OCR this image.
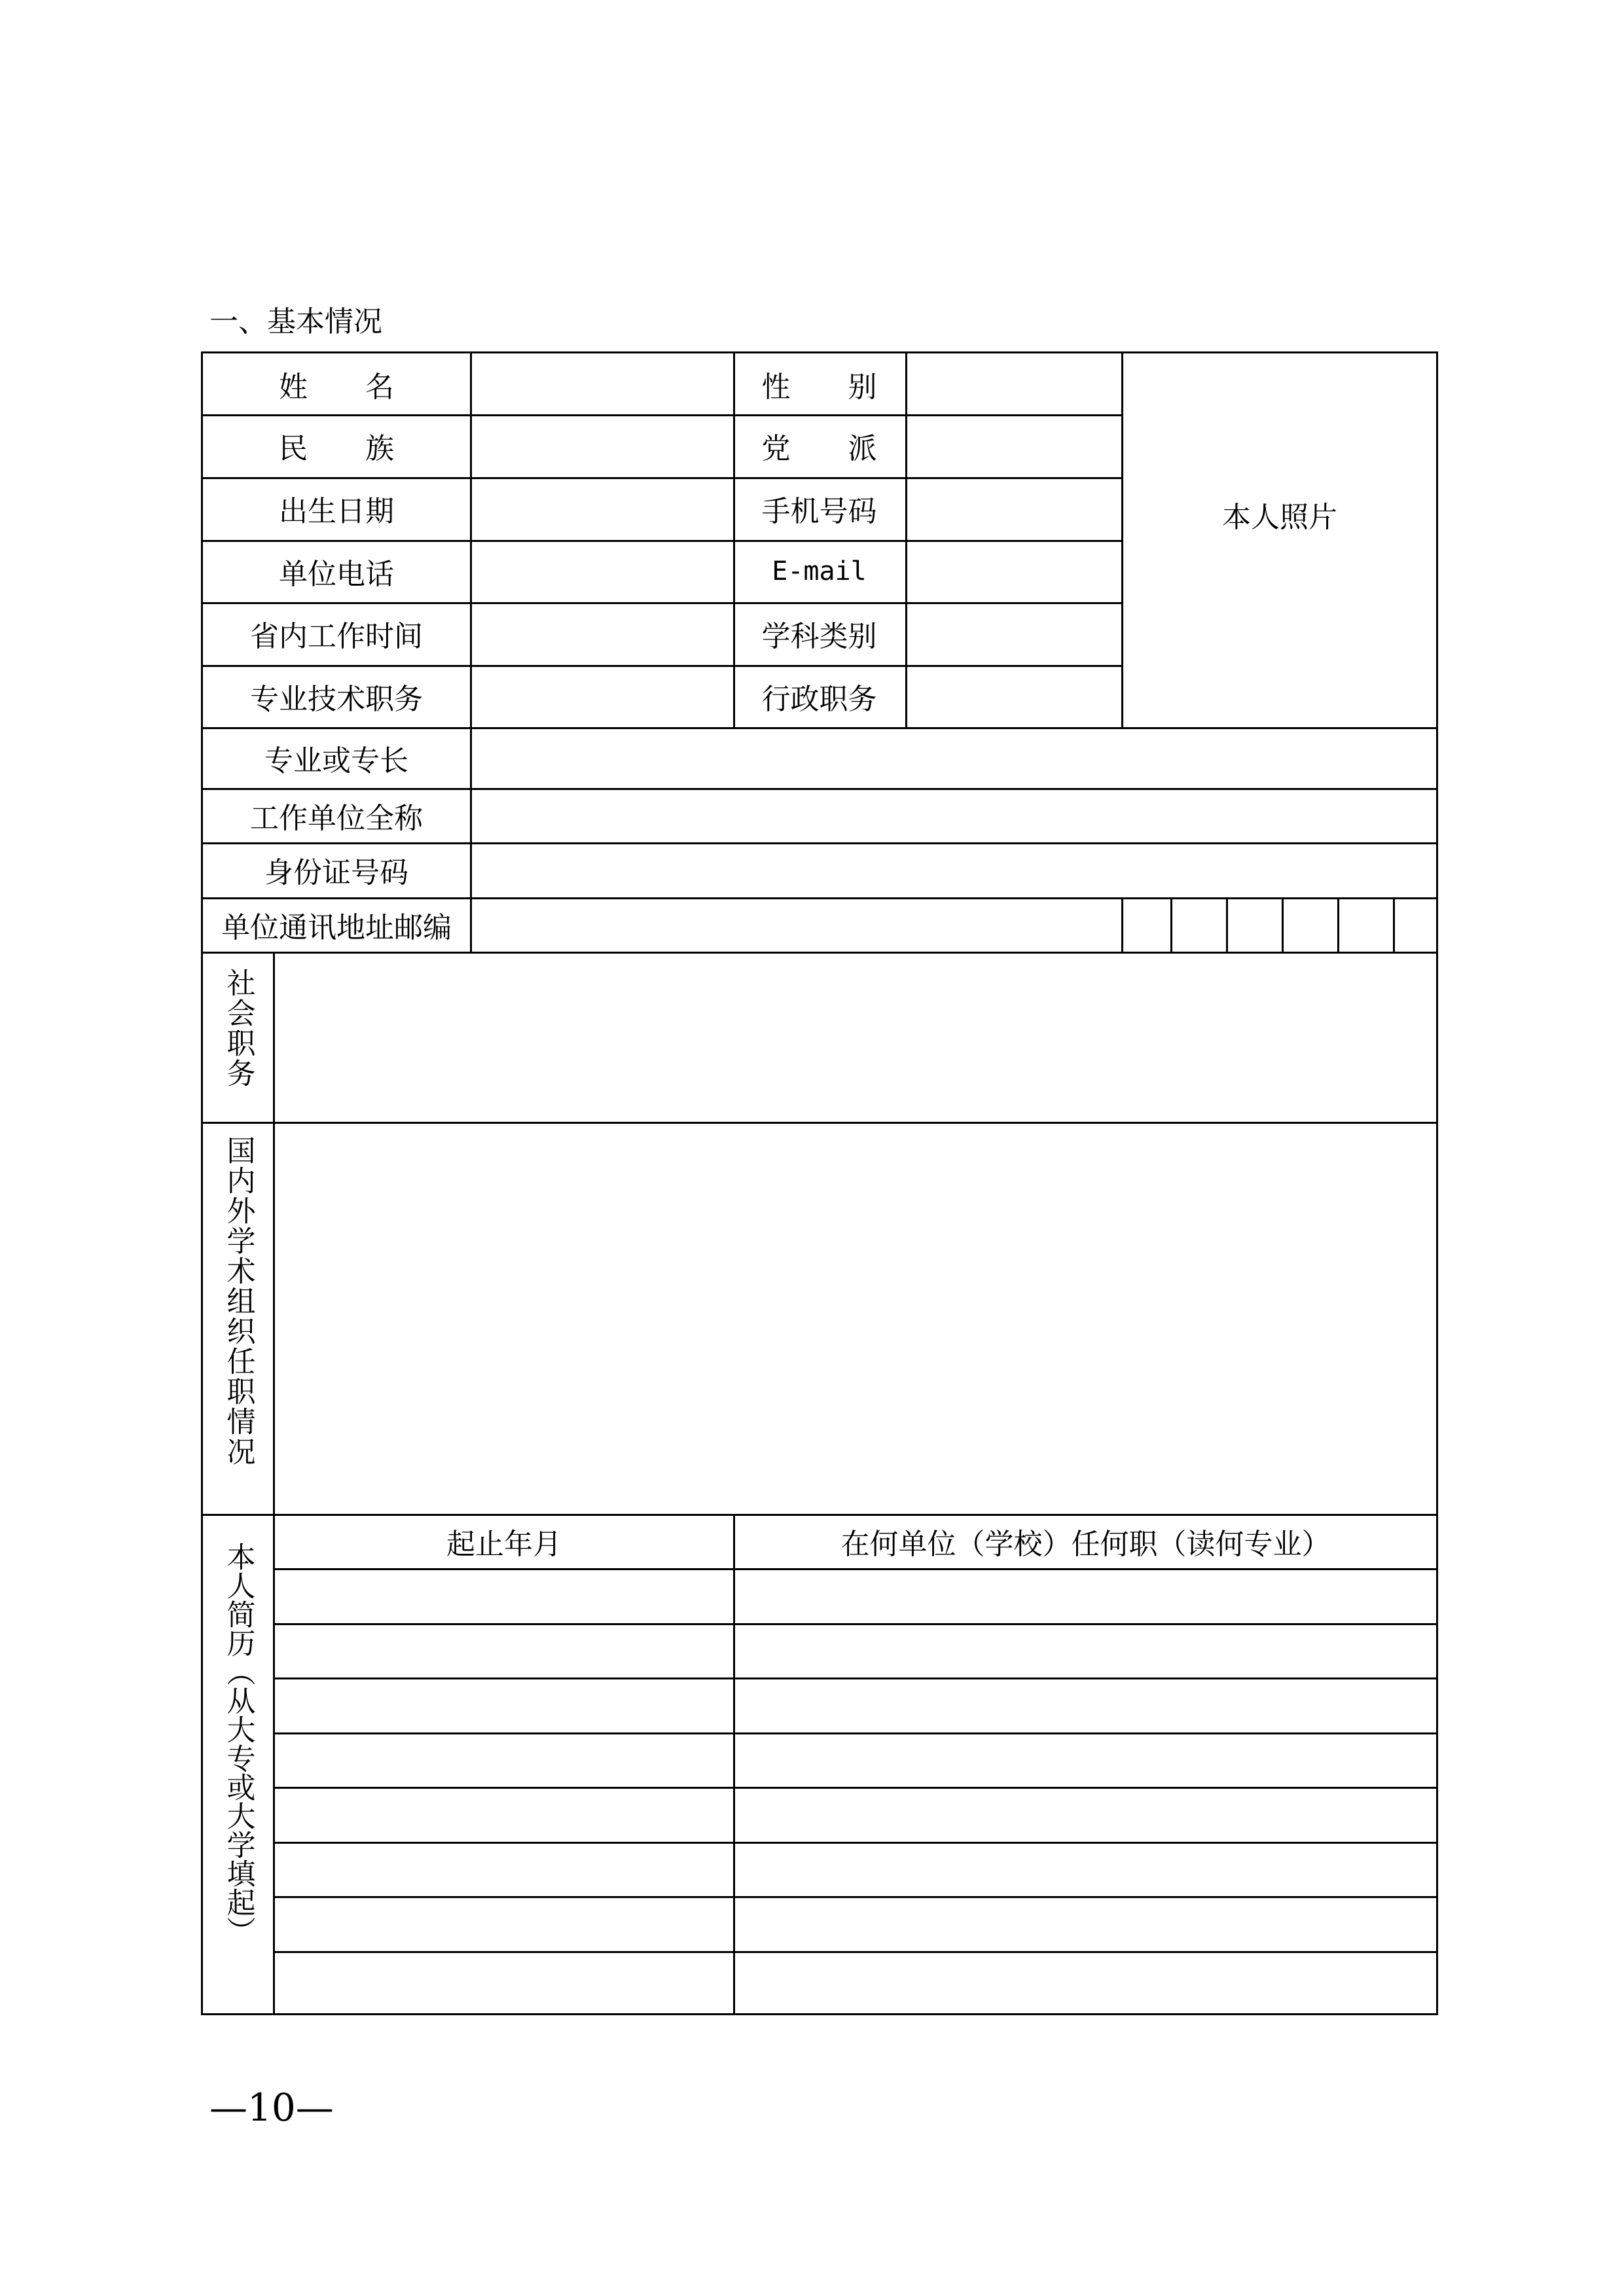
一、基本情况
姓　　名	性　　别
民　　族	党　　派
出生日期	手机号码
单位电话	E-mail
省内工作时间	学科类别
专业技术职务	行政职务
本人照片
专业或专长
工作单位全称
身份证号码
单位通讯地址邮编
社会职务
国内外学术组织任职情况
本人简历（从大专或大学填起）	起止年月	在何单位（学校）任何职（读何专业）
—10—
